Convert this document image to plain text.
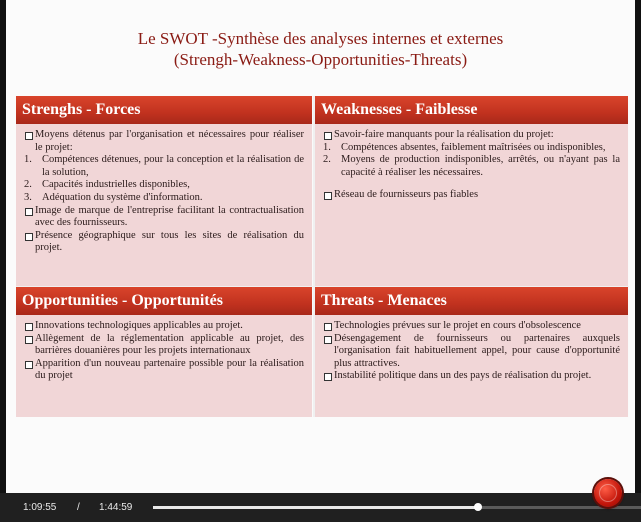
Le SWOT -Synthèse des analyses internes et externes
(Strengh-Weakness-Opportunities-Threats)
Strenghs - Forces

Moyens détenus par l'organisation et nécessaires pour réaliser le projet:

1. Compétences détenues, pour la conception et la réalisation de la solution,

2. Capacités industrielles disponibles,

3. Adéquation du système d'information.

Image de marque de l'entreprise facilitant la contractualisation avec des fournisseurs.

Présence géographique sur tous les sites de réalisation du projet.

Weaknesses - Faiblesse

Savoir-faire manquants pour la réalisation du projet:

1. Compétences absentes, faiblement maîtrisées ou indisponibles,

2. Moyens de production indisponibles, arrêtés, ou n'ayant pas la capacité à réaliser les nécessaires.

Réseau de fournisseurs pas fiables

Opportunities - Opportunités

Innovations technologiques applicables au projet.

Allègement de la réglementation applicable au projet, des barrières douanières pour les projets internationaux

Apparition d'un nouveau partenaire possible pour la réalisation du projet

Threats - Menaces

Technologies prévues sur le projet en cours d'obsolescence

Désengagement de fournisseurs ou partenaires auxquels l'organisation fait habituellement appel, pour cause d'opportunité plus attractives.

Instabilité politique dans un des pays de réalisation du projet.

1:09:55 / 1:44:59
